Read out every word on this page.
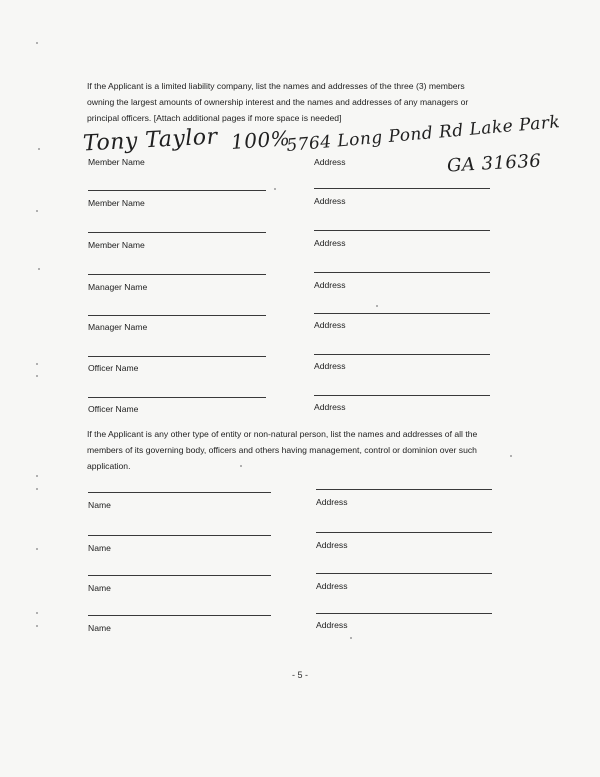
If the Applicant is a limited liability company, list the names and addresses of the three (3) members
owning the largest amounts of ownership interest and the names and addresses of any managers or
principal officers. [Attach additional pages if more space is needed]
Tony Taylor 100%
5764 Long Pond Rd Lake Park
GA 31636
Member Name	Address
Member Name	Address
Member Name	Address
Manager Name	Address
Manager Name	Address
Officer Name	Address
Officer Name	Address
If the Applicant is any other type of entity or non-natural person, list the names and addresses of all the
members of its governing body, officers and others having management, control or dominion over such
application.
Name	Address
Name	Address
Name	Address
Name	Address
- 5 -
